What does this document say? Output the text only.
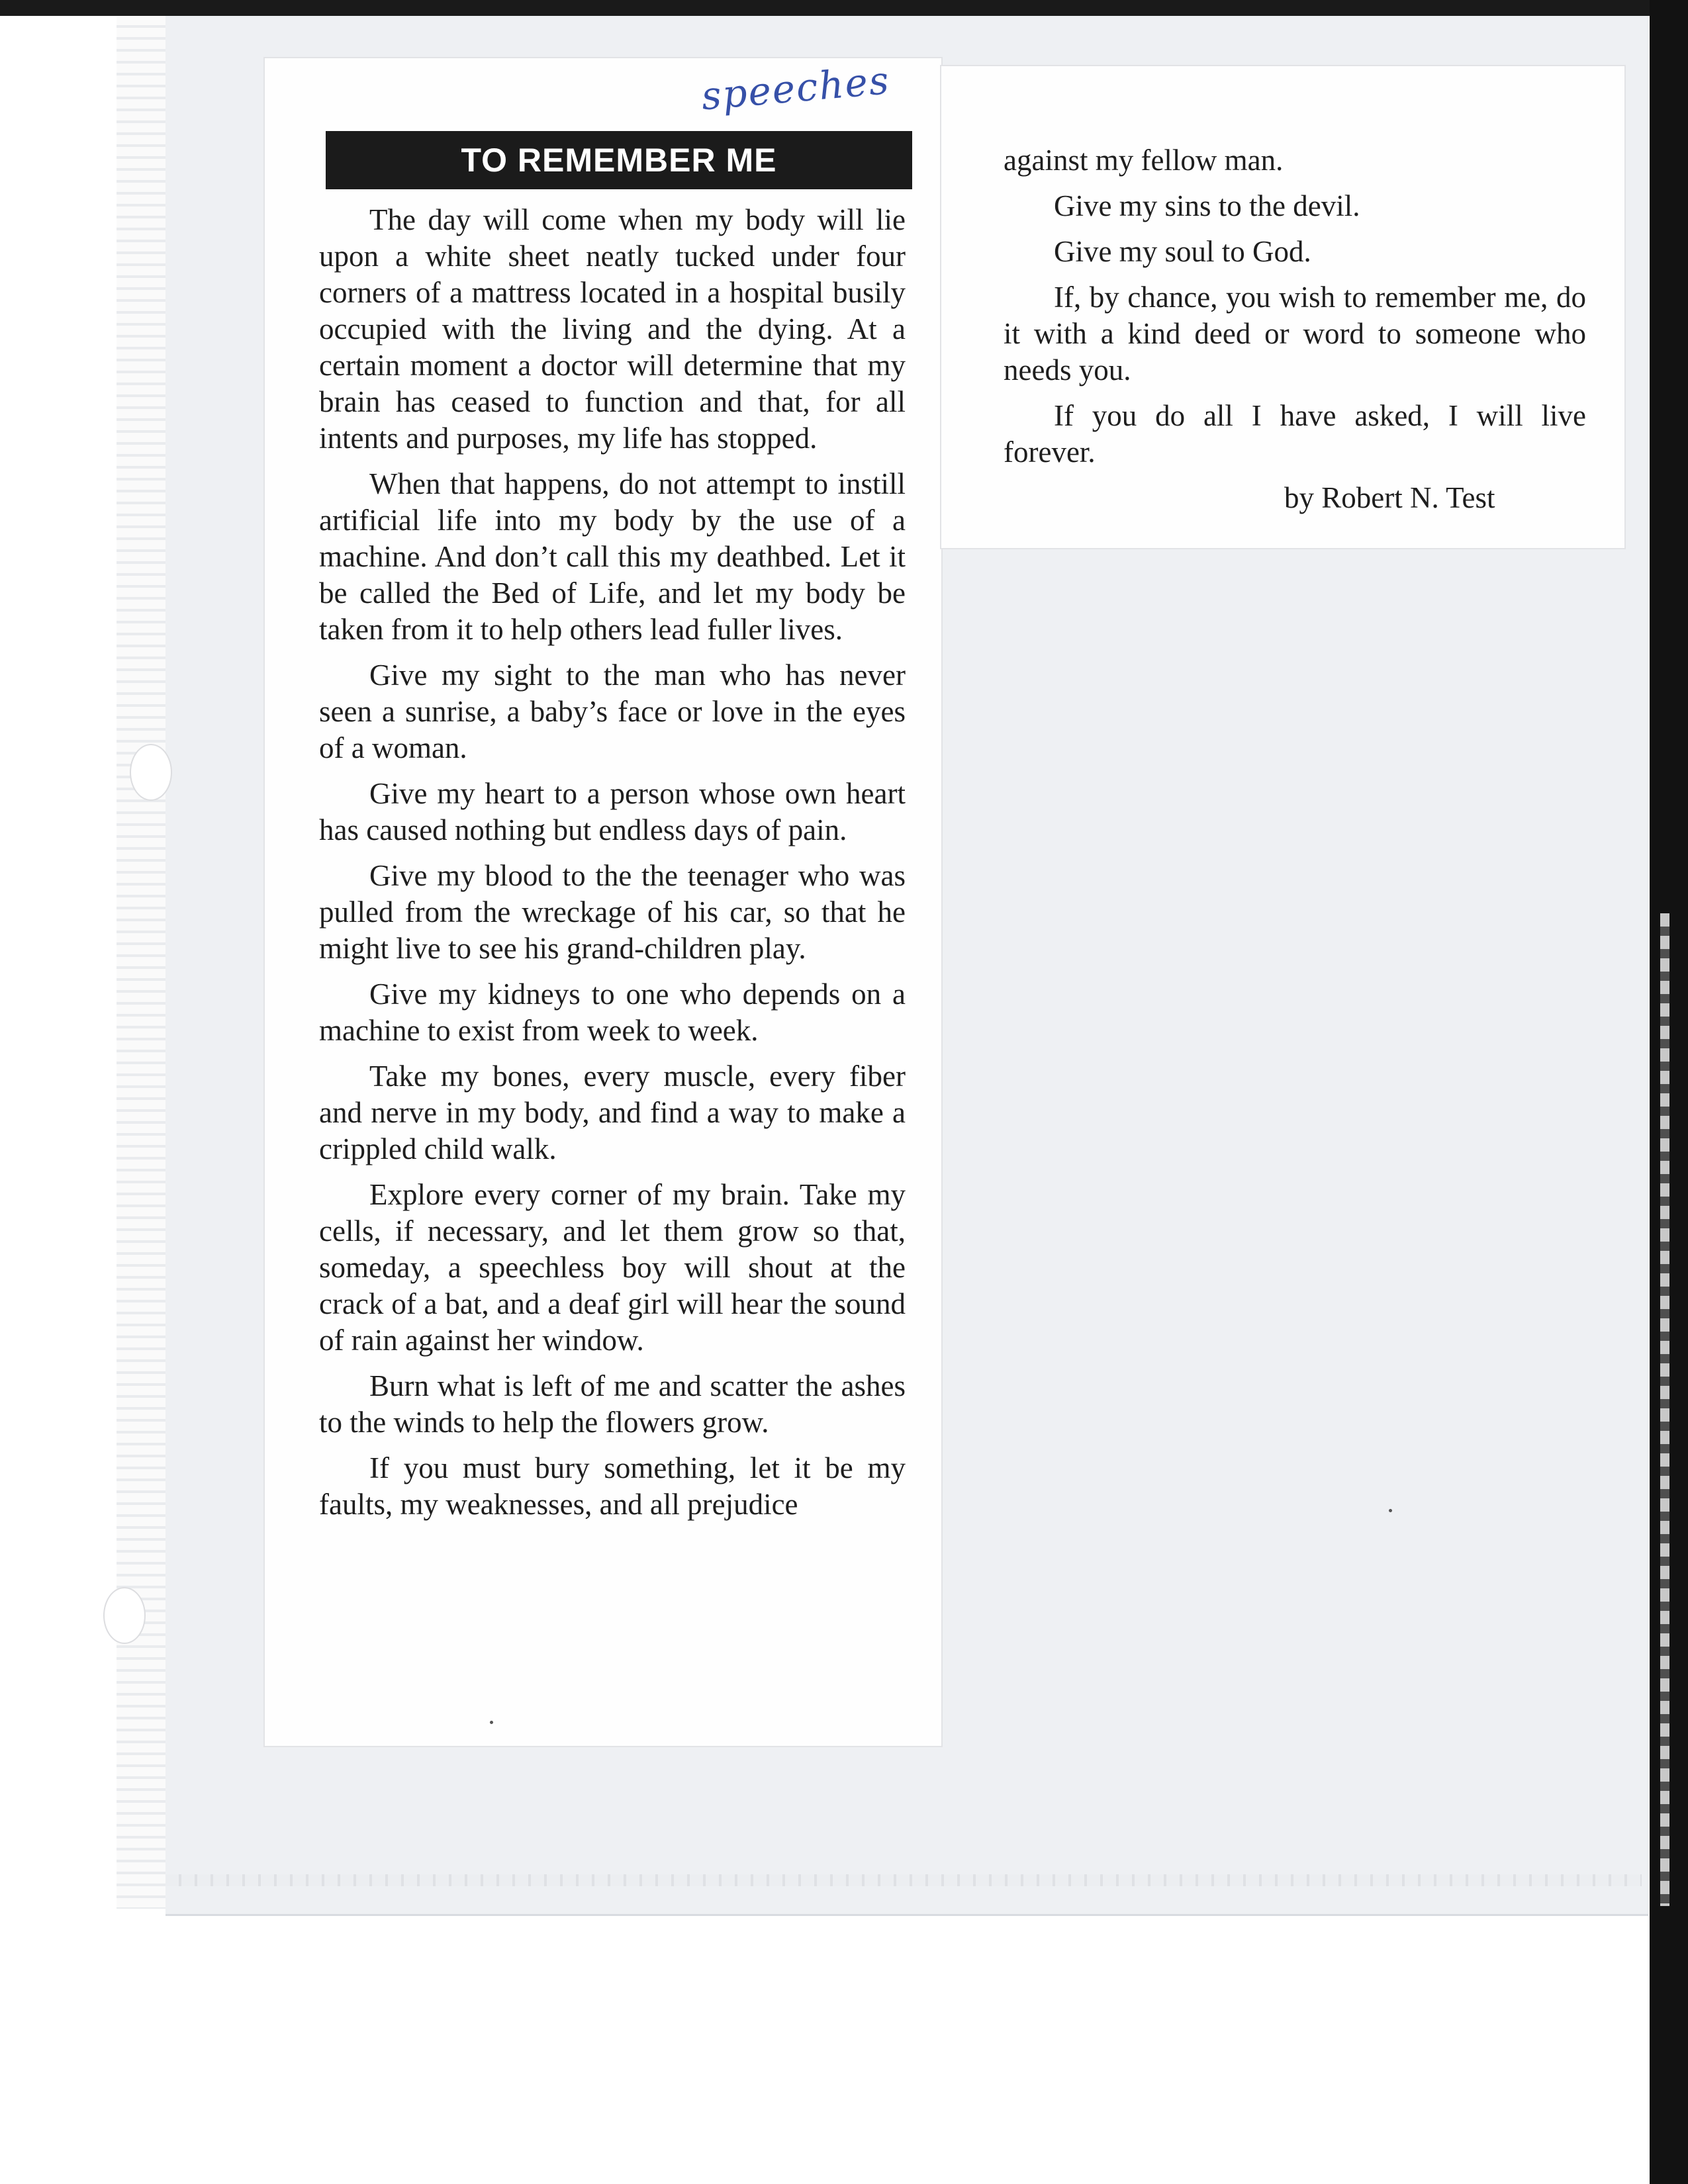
speeches
TO REMEMBER ME

The day will come when my body will lie upon a white sheet neatly tucked under four corners of a mattress located in a hospital busily occupied with the living and the dying. At a certain moment a doctor will determine that my brain has ceased to function and that, for all intents and purposes, my life has stopped.

When that happens, do not attempt to instill artificial life into my body by the use of a machine. And don’t call this my deathbed. Let it be called the Bed of Life, and let my body be taken from it to help others lead fuller lives.

Give my sight to the man who has never seen a sunrise, a baby’s face or love in the eyes of a woman.

Give my heart to a person whose own heart has caused nothing but endless days of pain.

Give my blood to the the teenager who was pulled from the wreckage of his car, so that he might live to see his grand-children play.

Give my kidneys to one who depends on a machine to exist from week to week.

Take my bones, every muscle, every fiber and nerve in my body, and find a way to make a crippled child walk.

Explore every corner of my brain. Take my cells, if necessary, and let them grow so that, someday, a speechless boy will shout at the crack of a bat, and a deaf girl will hear the sound of rain against her window.

Burn what is left of me and scatter the ashes to the winds to help the flowers grow.

If you must bury something, let it be my faults, my weaknesses, and all prejudice

against my fellow man.

Give my sins to the devil.

Give my soul to God.

If, by chance, you wish to remember me, do it with a kind deed or word to someone who needs you.

If you do all I have asked, I will live forever.

by Robert N. Test
